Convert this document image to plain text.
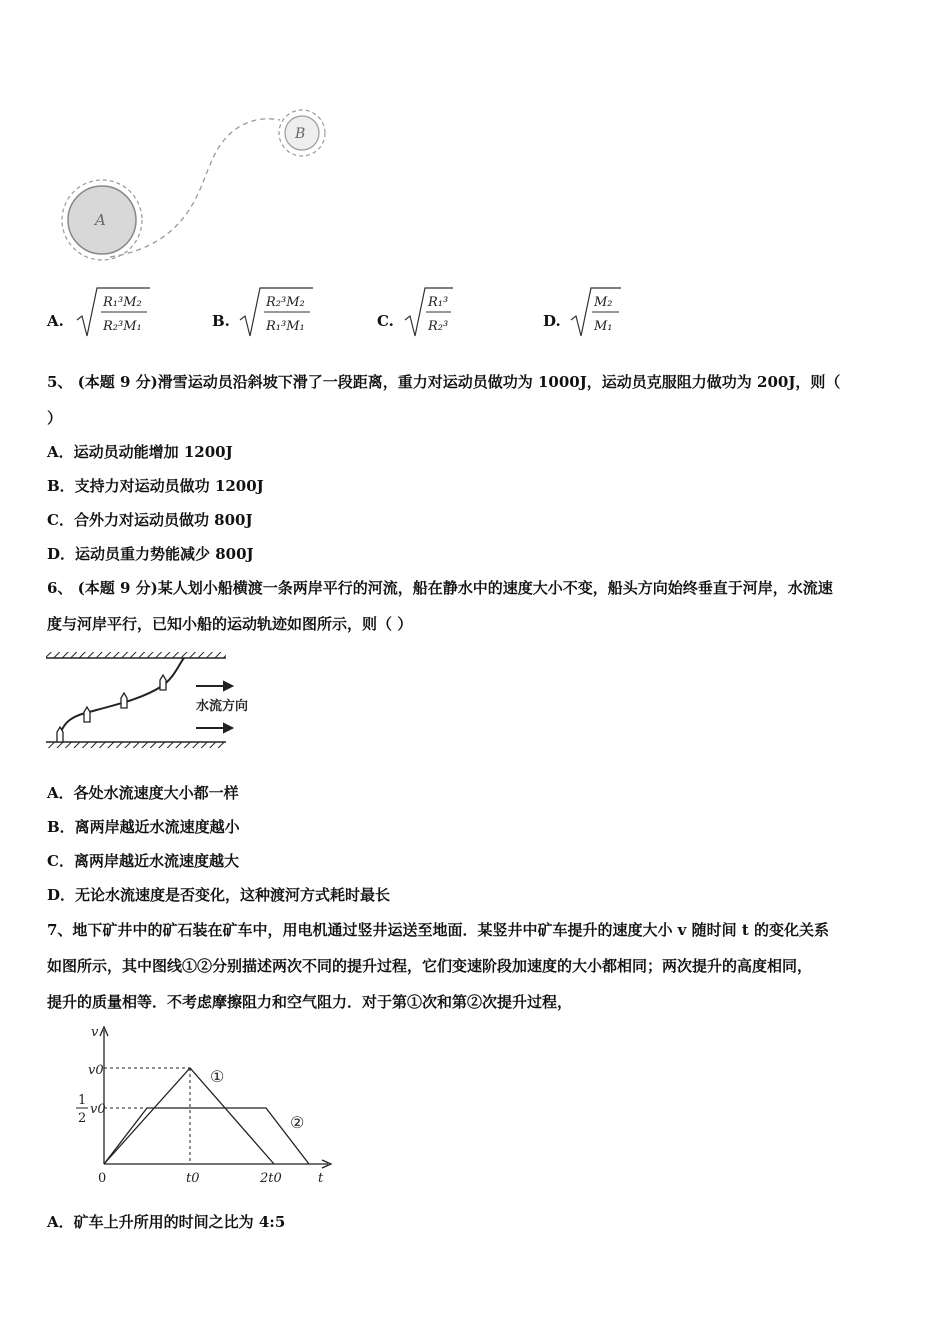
A
B
A.
R₁³M₂
R₂³M₁	B.
R₂³M₂
R₁³M₁	C.
R₁³
R₂³	D.
M₂
M₁
5、 (本题 9 分)滑雪运动员沿斜坡下滑了一段距离，重力对运动员做功为 1000J，运动员克服阻力做功为 200J，则（
）
A．运动员动能增加 1200J
B．支持力对运动员做功 1200J
C．合外力对运动员做功 800J
D．运动员重力势能减少 800J
6、 (本题 9 分)某人划小船横渡一条两岸平行的河流，船在静水中的速度大小不变，船头方向始终垂直于河岸，水流速
度与河岸平行，已知小船的运动轨迹如图所示，则（ ）
水流方向
A．各处水流速度大小都一样
B．离两岸越近水流速度越小
C．离两岸越近水流速度越大
D．无论水流速度是否变化，这种渡河方式耗时最长
7、地下矿井中的矿石装在矿车中，用电机通过竖井运送至地面．某竖井中矿车提升的速度大小 v 随时间 t 的变化关系
如图所示，其中图线①②分别描述两次不同的提升过程，它们变速阶段加速度的大小都相同；两次提升的高度相同，
提升的质量相等．不考虑摩擦阻力和空气阻力．对于第①次和第②次提升过程，
v
t
v0
1
2
v0
0	t0	2t0
①
②
A．矿车上升所用的时间之比为 4:5
